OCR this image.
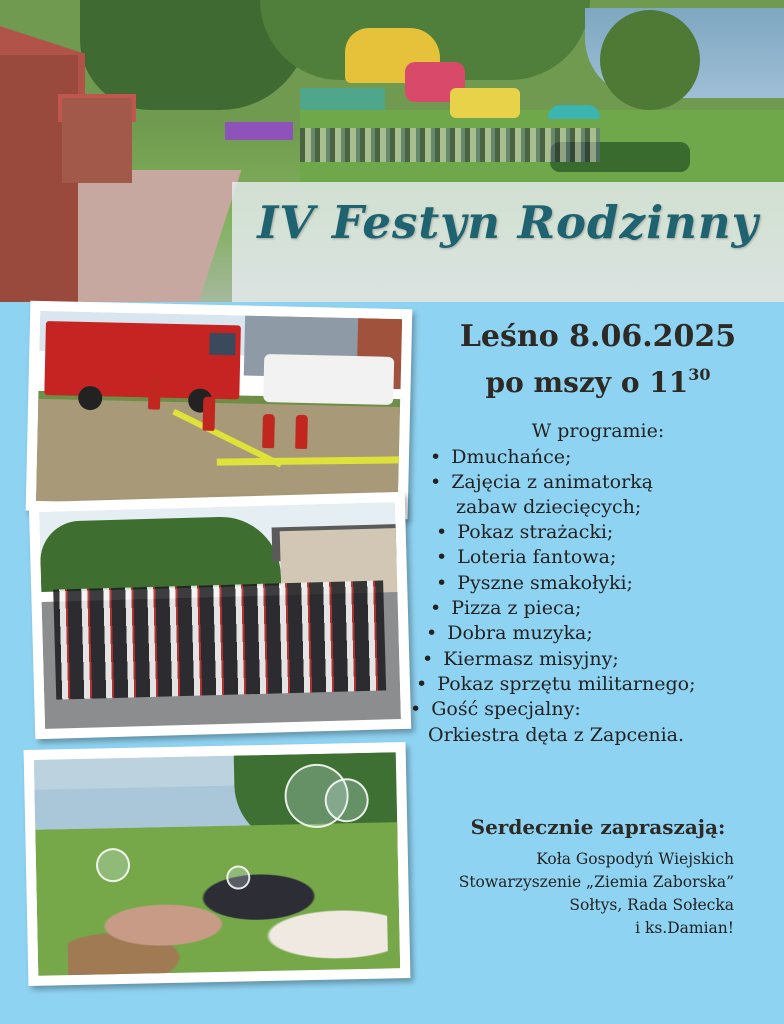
IV Festyn Rodzinny
Leśno 8.06.2025
po mszy o $11^{30}$
W programie:
• Dmuchańce;
• Zajęcia z animatorką
zabaw dziecięcych;
• Pokaz strażacki;
• Loteria fantowa;
• Pyszne smakołyki;
• Pizza z pieca;
• Dobra muzyka;
• Kiermasz misyjny;
• Pokaz sprzętu militarnego;
• Gość specjalny:
Orkiestra dęta z Zapcenia.
Serdecznie zapraszają:
Koła Gospodyń Wiejskich
Stowarzyszenie „Ziemia Zaborska”
Sołtys, Rada Sołecka
i ks.Damian!
